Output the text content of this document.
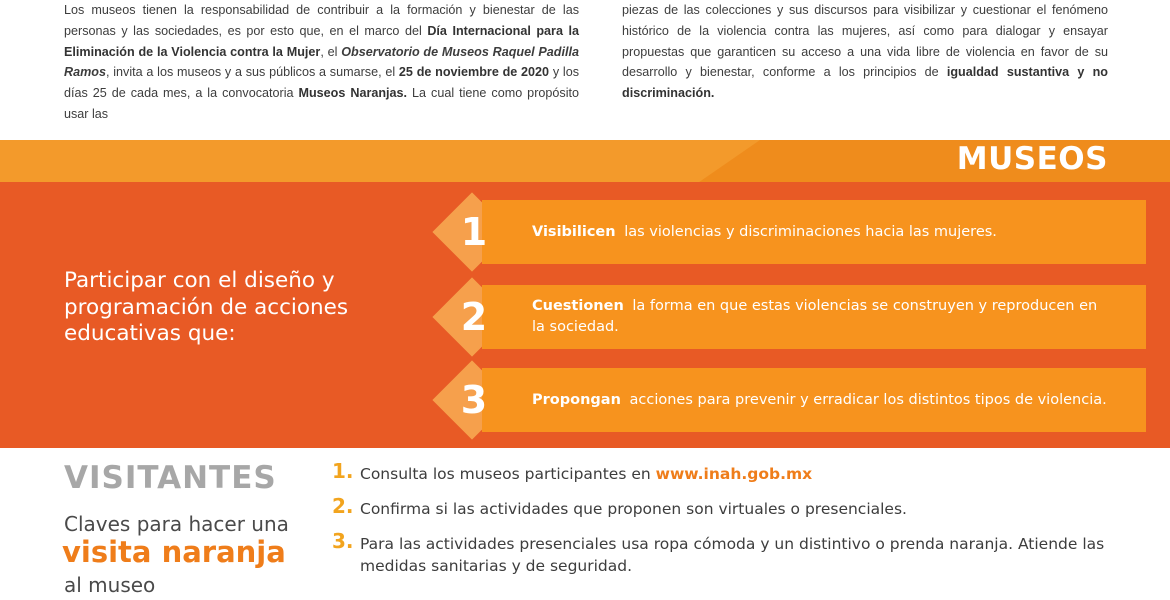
Los museos tienen la responsabilidad de contribuir a la formación y bienestar de las personas y las sociedades, es por esto que, en el marco del Día Internacional para la Eliminación de la Violencia contra la Mujer, el Observatorio de Museos Raquel Padilla Ramos, invita a los museos y a sus públicos a sumarse, el 25 de noviembre de 2020 y los días 25 de cada mes, a la convocatoria Museos Naranjas. La cual tiene como propósito usar las
piezas de las colecciones y sus discursos para visibilizar y cuestionar el fenómeno histórico de la violencia contra las mujeres, así como para dialogar y ensayar propuestas que garanticen su acceso a una vida libre de violencia en favor de su desarrollo y bienestar, conforme a los principios de igualdad sustantiva y no discriminación.
MUSEOS
Participar con el diseño y programación de acciones educativas que:
Visibilicen las violencias y discriminaciones hacia las mujeres.
1
Cuestionen la forma en que estas violencias se construyen y reproducen en la sociedad.
2
Propongan acciones para prevenir y erradicar los distintos tipos de violencia.
3
VISITANTES
Claves para hacer una
visita naranja
al museo
1. Consulta los museos participantes en www.inah.gob.mx
2. Confirma si las actividades que proponen son virtuales o presenciales.
3. Para las actividades presenciales usa ropa cómoda y un distintivo o prenda naranja. Atiende las medidas sanitarias y de seguridad.
